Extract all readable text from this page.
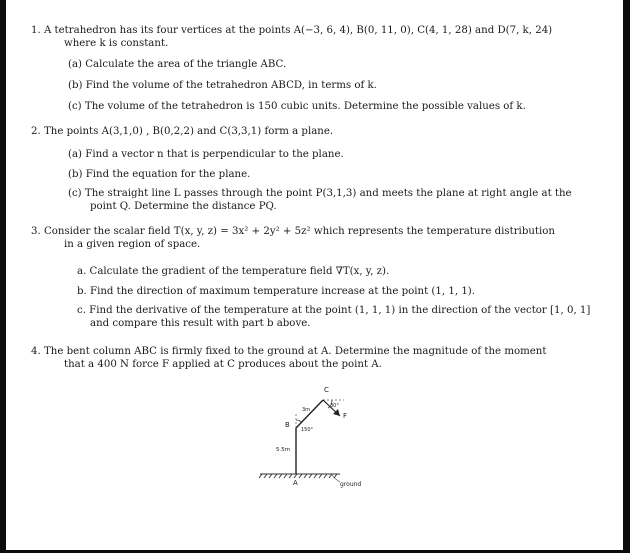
1. A tetrahedron has its four vertices at the points A(−3, 6, 4), B(0, 11, 0), C(4, 1, 28) and D(7, k, 24)
where k is constant.
(a) Calculate the area of the triangle ABC.
(b) Find the volume of the tetrahedron ABCD, in terms of k.
(c) The volume of the tetrahedron is 150 cubic units. Determine the possible values of k.
2. The points A(3,1,0) , B(0,2,2) and C(3,3,1) form a plane.
(a) Find a vector n that is perpendicular to the plane.
(b) Find the equation for the plane.
(c) The straight line L passes through the point P(3,1,3) and meets the plane at right angle at the
point Q. Determine the distance PQ.
3. Consider the scalar field T(x, y, z) = 3x² + 2y² + 5z² which represents the temperature distribution
in a given region of space.
a. Calculate the gradient of the temperature field ∇T(x, y, z).
b. Find the direction of maximum temperature increase at the point (1, 1, 1).
c. Find the derivative of the temperature at the point (1, 1, 1) in the direction of the vector [1, 0, 1]
and compare this result with part b above.
4. The bent column ABC is firmly fixed to the ground at A. Determine the magnitude of the moment
that a 400 N force F applied at C produces about the point A.
C
B
A
F
3m
150°
30°
5.5m
ground
